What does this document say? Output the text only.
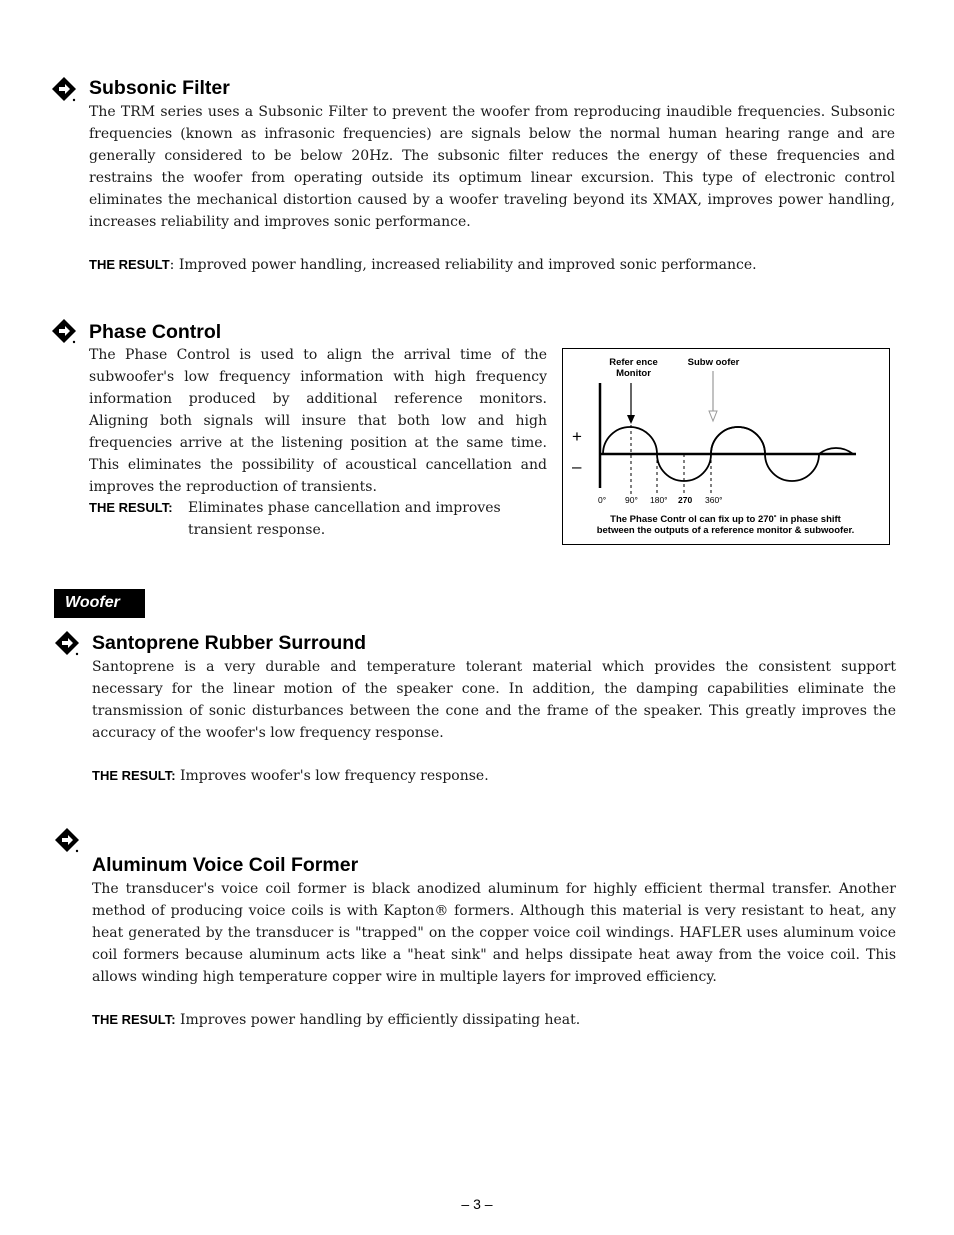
Subsonic Filter

The TRM series uses a Subsonic Filter to prevent the woofer from reproducing inaudible frequencies. Subsonic frequencies (known as infrasonic frequencies) are signals below the normal human hearing range and are generally considered to be below 20Hz. The subsonic filter reduces the energy of these frequencies and restrains the woofer from operating outside its optimum linear excursion. This type of electronic control eliminates the mechanical distortion caused by a woofer traveling beyond its XMAX, improves power handling, increases reliability and improves sonic performance.

THE RESULT: Improved power handling, increased reliability and improved sonic performance.

Phase Control

The Phase Control is used to align the arrival time of the subwoofer's low frequency information with high frequency information produced by additional reference monitors. Aligning both signals will insure that both low and high frequencies arrive at the listening position at the same time. This eliminates the possibility of acoustical cancellation and improves the reproduction of transients.

THE RESULT:	Eliminates phase cancellation and improves transient response.
Refer ence Monitor
Subw oofer
+
–
0° 90° 180° 270 360°
The Phase Contr ol can fix up to 270˚ in phase shift
between the outputs of a reference monitor & subwoofer.
Woofer
Santoprene Rubber Surround

Santoprene is a very durable and temperature tolerant material which provides the consistent support necessary for the linear motion of the speaker cone. In addition, the damping capabilities eliminate the transmission of sonic disturbances between the cone and the frame of the speaker. This greatly improves the accuracy of the woofer's low frequency response.

THE RESULT: Improves woofer's low frequency response.

Aluminum Voice Coil Former

The transducer's voice coil former is black anodized aluminum for highly efficient thermal transfer. Another method of producing voice coils is with Kapton® formers. Although this material is very resistant to heat, any heat generated by the transducer is "trapped" on the copper voice coil windings. HAFLER uses aluminum voice coil formers because aluminum acts like a "heat sink" and helps dissipate heat away from the voice coil. This allows winding high temperature copper wire in multiple layers for improved efficiency.

THE RESULT: Improves power handling by efficiently dissipating heat.

– 3 –
